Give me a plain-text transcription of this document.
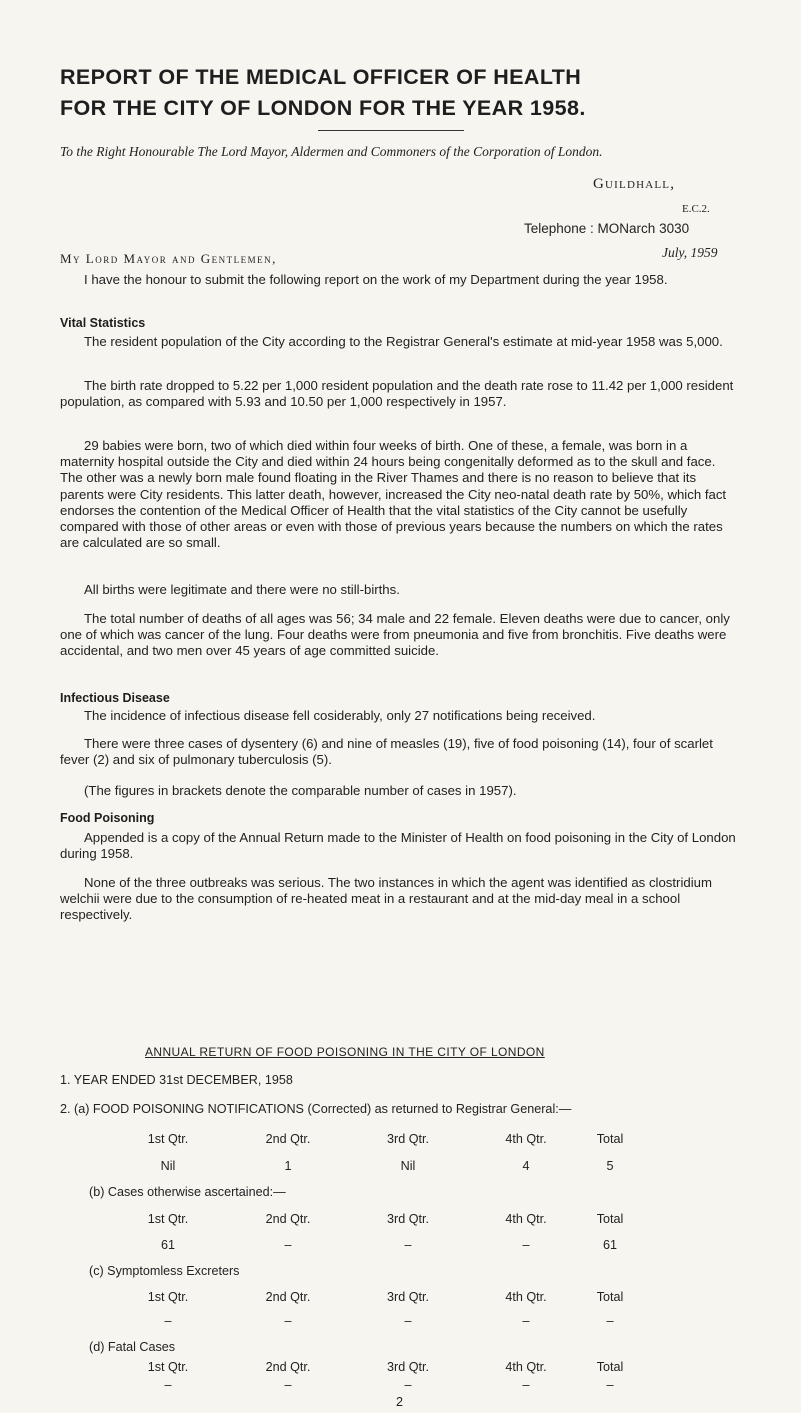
REPORT OF THE MEDICAL OFFICER OF HEALTH
FOR THE CITY OF LONDON FOR THE YEAR 1958.
To the Right Honourable The Lord Mayor, Aldermen and Commoners of the Corporation of London.
Guildhall,
E.C.2.
Telephone : MONarch 3030
July, 1959
My Lord Mayor and Gentlemen,
I have the honour to submit the following report on the work of my Department during the year 1958.
Vital Statistics
The resident population of the City according to the Registrar General's estimate at mid-year 1958 was 5,000.
The birth rate dropped to 5.22 per 1,000 resident population and the death rate rose to 11.42 per 1,000 resident population, as compared with 5.93 and 10.50 per 1,000 respectively in 1957.
29 babies were born, two of which died within four weeks of birth. One of these, a female, was born in a maternity hospital outside the City and died within 24 hours being congenitally deformed as to the skull and face. The other was a newly born male found floating in the River Thames and there is no reason to believe that its parents were City residents. This latter death, however, increased the City neo-natal death rate by 50%, which fact endorses the contention of the Medical Officer of Health that the vital statistics of the City cannot be usefully compared with those of other areas or even with those of previous years because the numbers on which the rates are calculated are so small.
All births were legitimate and there were no still-births.
The total number of deaths of all ages was 56; 34 male and 22 female. Eleven deaths were due to cancer, only one of which was cancer of the lung. Four deaths were from pneumonia and five from bronchitis. Five deaths were accidental, and two men over 45 years of age committed suicide.
Infectious Disease
The incidence of infectious disease fell cosiderably, only 27 notifications being received.
There were three cases of dysentery (6) and nine of measles (19), five of food poisoning (14), four of scarlet fever (2) and six of pulmonary tuberculosis (5).
(The figures in brackets denote the comparable number of cases in 1957).
Food Poisoning
Appended is a copy of the Annual Return made to the Minister of Health on food poisoning in the City of London during 1958.
None of the three outbreaks was serious. The two instances in which the agent was identified as clostridium welchii were due to the consumption of re-heated meat in a restaurant and at the mid-day meal in a school respectively.
ANNUAL RETURN OF FOOD POISONING IN THE CITY OF LONDON
1. YEAR ENDED 31st DECEMBER, 1958
2. (a) FOOD POISONING NOTIFICATIONS (Corrected) as returned to Registrar General:—
1st Qtr.	2nd Qtr.	3rd Qtr.	4th Qtr.	Total
Nil	1	Nil	4	5
(b) Cases otherwise ascertained:—
1st Qtr.	2nd Qtr.	3rd Qtr.	4th Qtr.	Total
61	–	–	–	61
(c) Symptomless Excreters
1st Qtr.	2nd Qtr.	3rd Qtr.	4th Qtr.	Total
–	–	–	–	–
(d) Fatal Cases
1st Qtr.	2nd Qtr.	3rd Qtr.	4th Qtr.	Total
–	–	–	–	–
2
